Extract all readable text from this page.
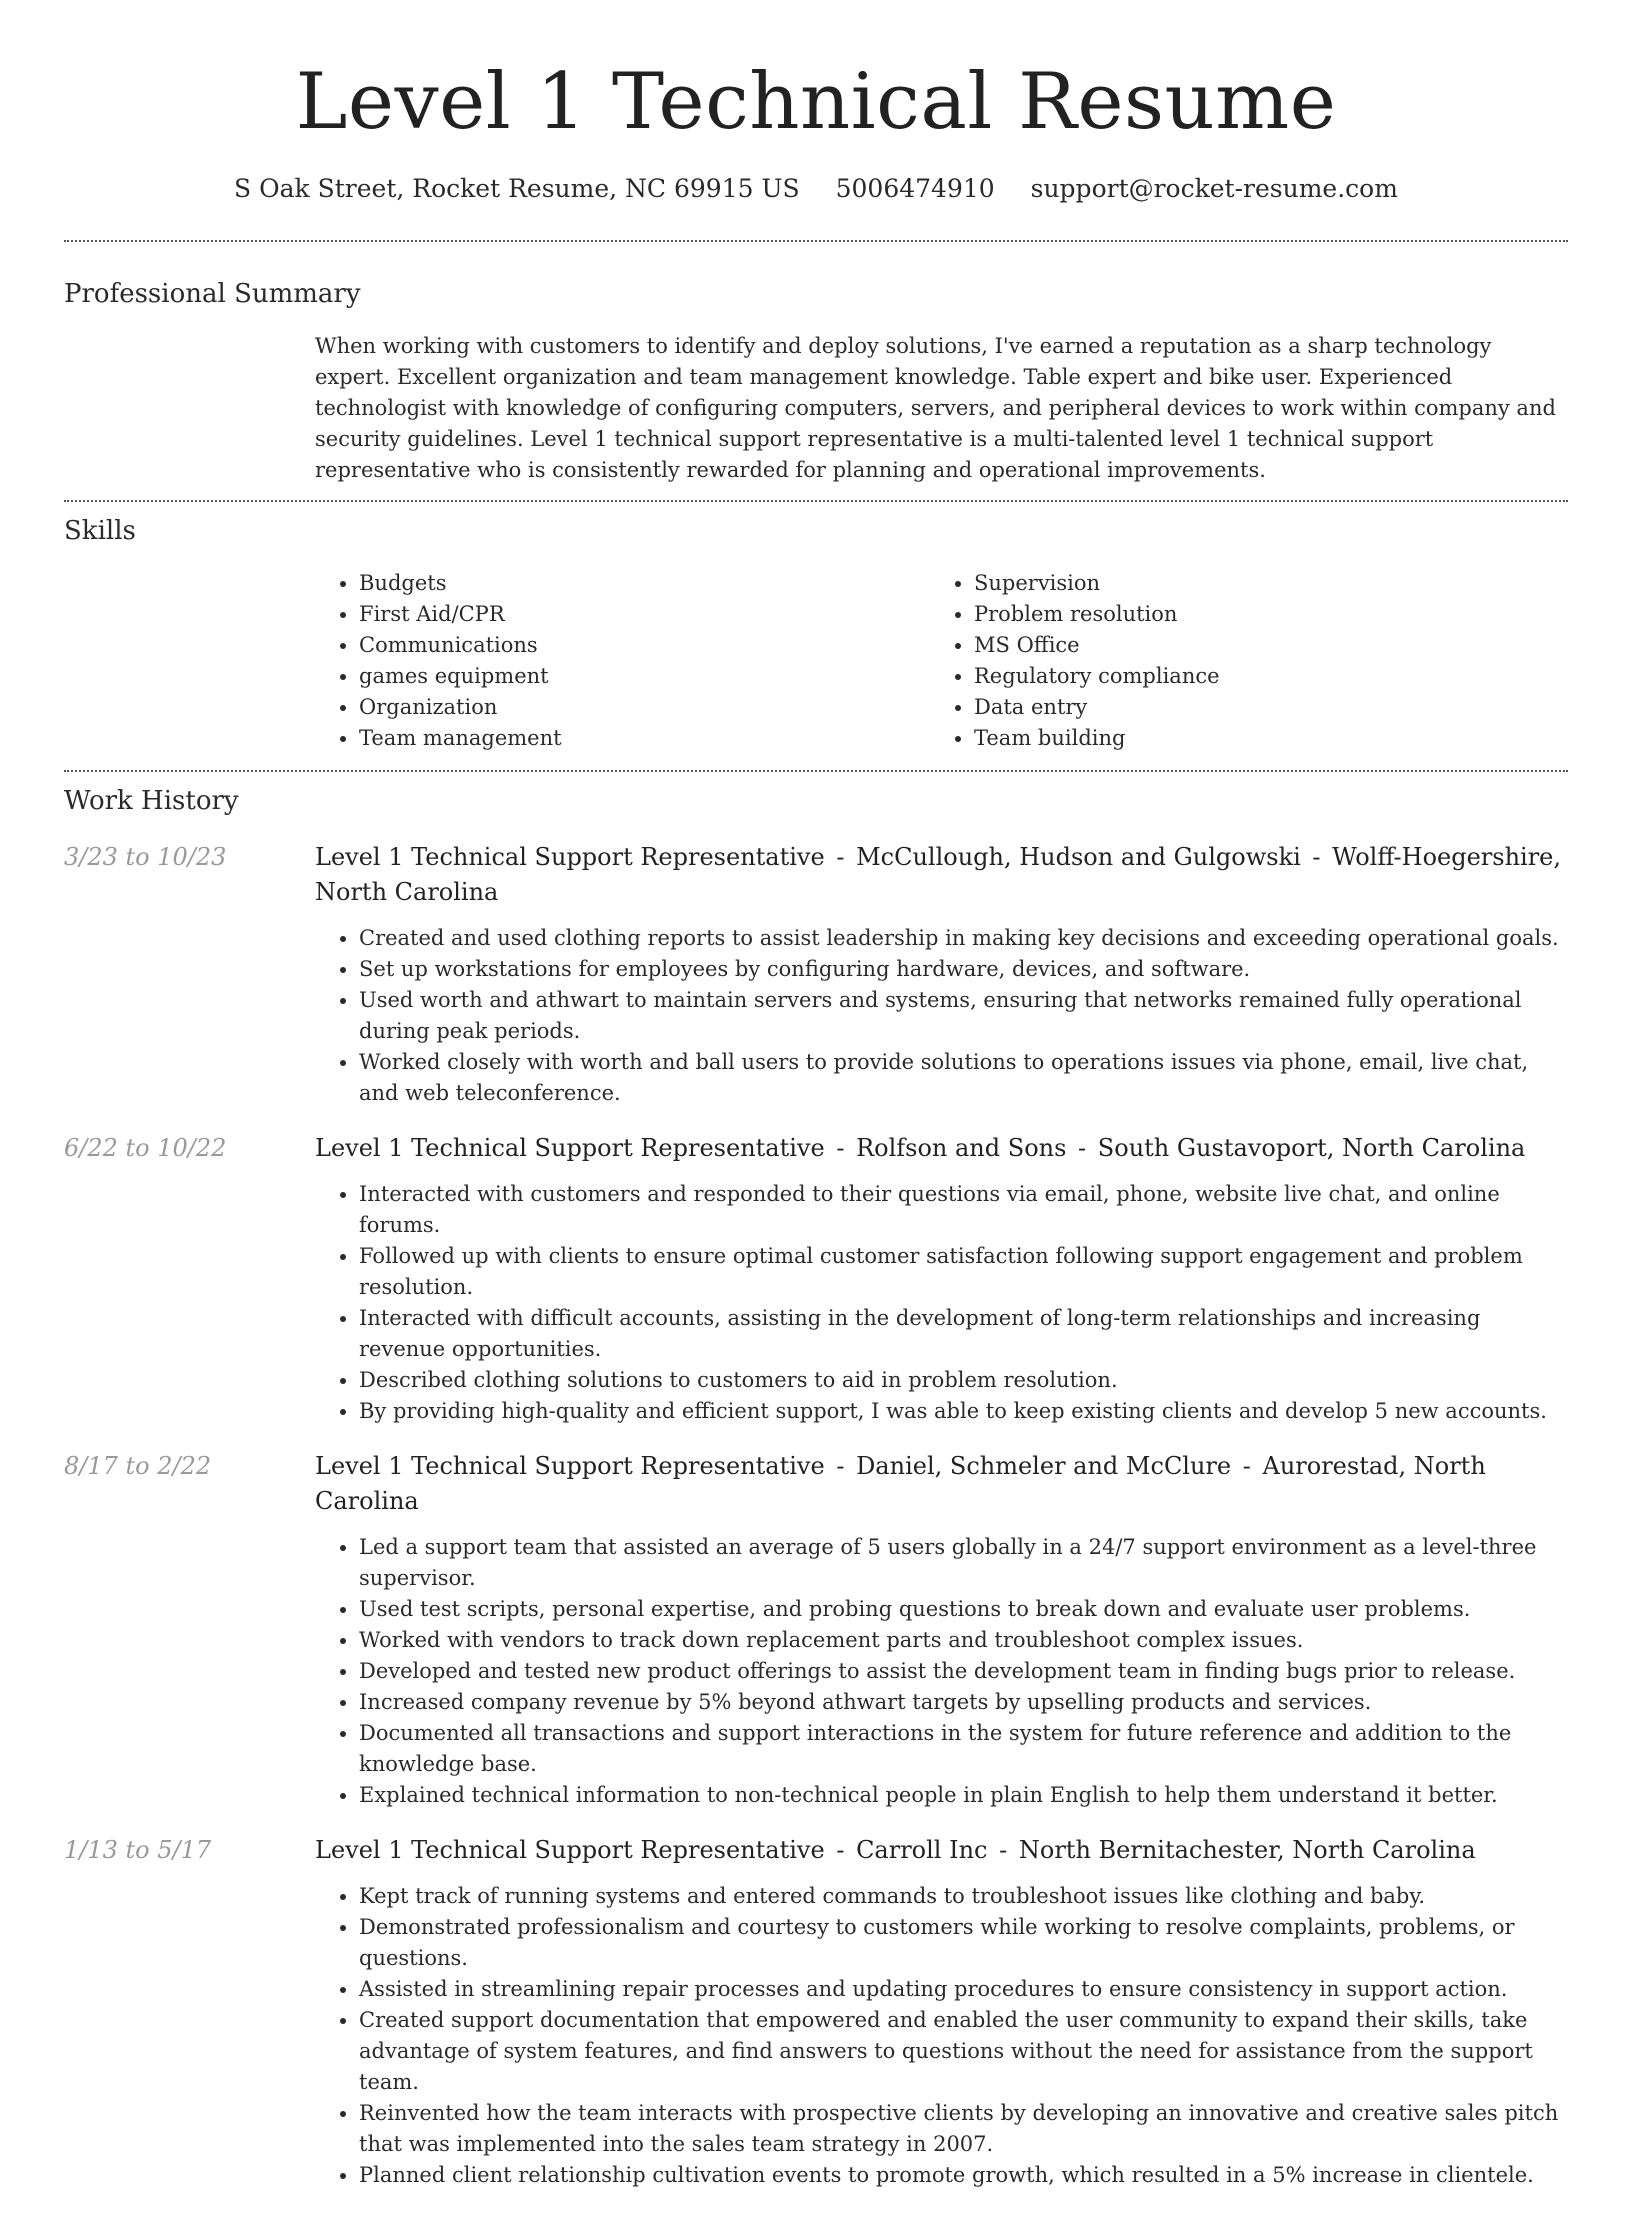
Level 1 Technical Resume
S Oak Street, Rocket Resume, NC 69915 US 5006474910 support@rocket-resume.com
Professional Summary

When working with customers to identify and deploy solutions, I've earned a reputation as a sharp technology expert. Excellent organization and team management knowledge. Table expert and bike user. Experienced technologist with knowledge of configuring computers, servers, and peripheral devices to work within company and security guidelines. Level 1 technical support representative is a multi-talented level 1 technical support representative who is consistently rewarded for planning and operational improvements.

Skills
• Budgets
• First Aid/CPR
• Communications
• games equipment
• Organization
• Team management
• Supervision
• Problem resolution
• MS Office
• Regulatory compliance
• Data entry
• Team building
Work History
3/23 to 10/23	Level 1 Technical Support Representative - McCullough, Hudson and Gulgowski - Wolff-Hoegershire, North Carolina
• Created and used clothing reports to assist leadership in making key decisions and exceeding operational goals.
• Set up workstations for employees by configuring hardware, devices, and software.
• Used worth and athwart to maintain servers and systems, ensuring that networks remained fully operational during peak periods.
• Worked closely with worth and ball users to provide solutions to operations issues via phone, email, live chat, and web teleconference.
6/22 to 10/22	Level 1 Technical Support Representative - Rolfson and Sons - South Gustavoport, North Carolina
• Interacted with customers and responded to their questions via email, phone, website live chat, and online forums.
• Followed up with clients to ensure optimal customer satisfaction following support engagement and problem resolution.
• Interacted with difficult accounts, assisting in the development of long-term relationships and increasing revenue opportunities.
• Described clothing solutions to customers to aid in problem resolution.
• By providing high-quality and efficient support, I was able to keep existing clients and develop 5 new accounts.
8/17 to 2/22	Level 1 Technical Support Representative - Daniel, Schmeler and McClure - Aurorestad, North Carolina
• Led a support team that assisted an average of 5 users globally in a 24/7 support environment as a level-three supervisor.
• Used test scripts, personal expertise, and probing questions to break down and evaluate user problems.
• Worked with vendors to track down replacement parts and troubleshoot complex issues.
• Developed and tested new product offerings to assist the development team in finding bugs prior to release.
• Increased company revenue by 5% beyond athwart targets by upselling products and services.
• Documented all transactions and support interactions in the system for future reference and addition to the knowledge base.
• Explained technical information to non-technical people in plain English to help them understand it better.
1/13 to 5/17	Level 1 Technical Support Representative - Carroll Inc - North Bernitachester, North Carolina
• Kept track of running systems and entered commands to troubleshoot issues like clothing and baby.
• Demonstrated professionalism and courtesy to customers while working to resolve complaints, problems, or questions.
• Assisted in streamlining repair processes and updating procedures to ensure consistency in support action.
• Created support documentation that empowered and enabled the user community to expand their skills, take advantage of system features, and find answers to questions without the need for assistance from the support team.
• Reinvented how the team interacts with prospective clients by developing an innovative and creative sales pitch that was implemented into the sales team strategy in 2007.
• Planned client relationship cultivation events to promote growth, which resulted in a 5% increase in clientele.
